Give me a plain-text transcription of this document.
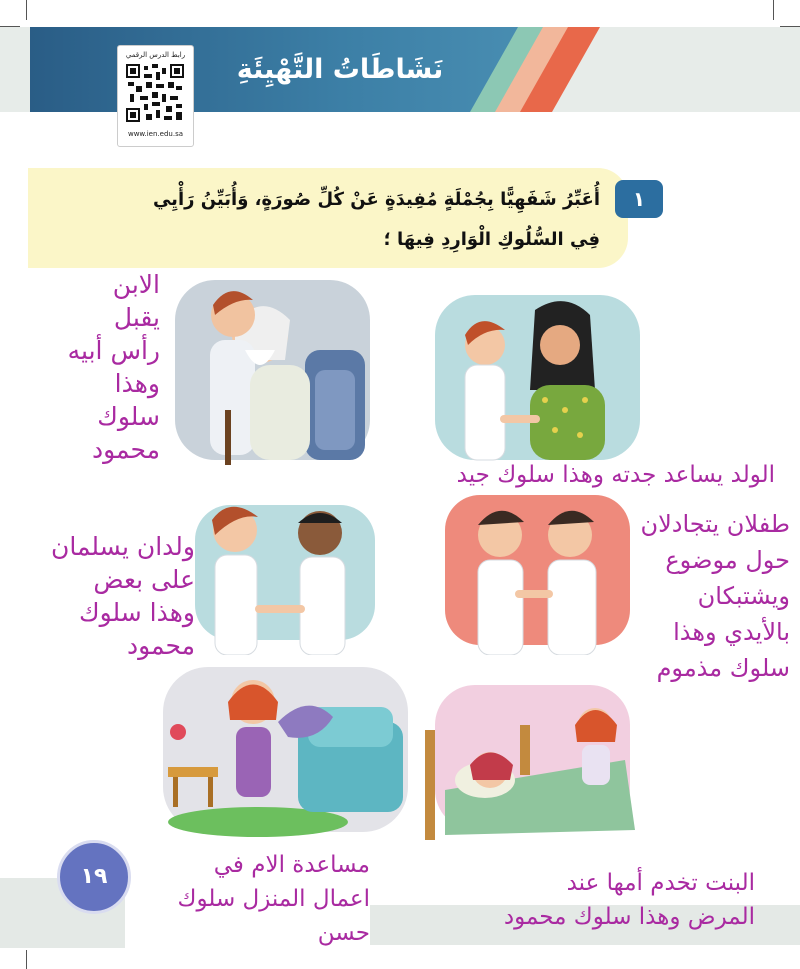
نَشَاطَاتُ التَّهْيِئَةِ
رابط الدرس الرقمي
www.ien.edu.sa
أُعَبِّرُ شَفَهِيًّا بِجُمْلَةٍ مُفِيدَةٍ عَنْ كُلِّ صُورَةٍ، وَأُبَيِّنُ رَأْيِي
فِي السُّلُوكِ الْوَارِدِ فِيهَا ؛
١
الابن
يقبل
رأس أبيه
وهذا
سلوك
محمود
الولد يساعد جدته وهذا سلوك جيد
ولدان يسلمان
على بعض
وهذا سلوك
محمود
طفلان يتجادلان
حول موضوع
ويشتبكان
بالأيدي وهذا
سلوك مذموم
١٩	مساعدة الام في
اعمال المنزل سلوك
حسن
البنت تخدم أمها عند
المرض وهذا سلوك محمود
